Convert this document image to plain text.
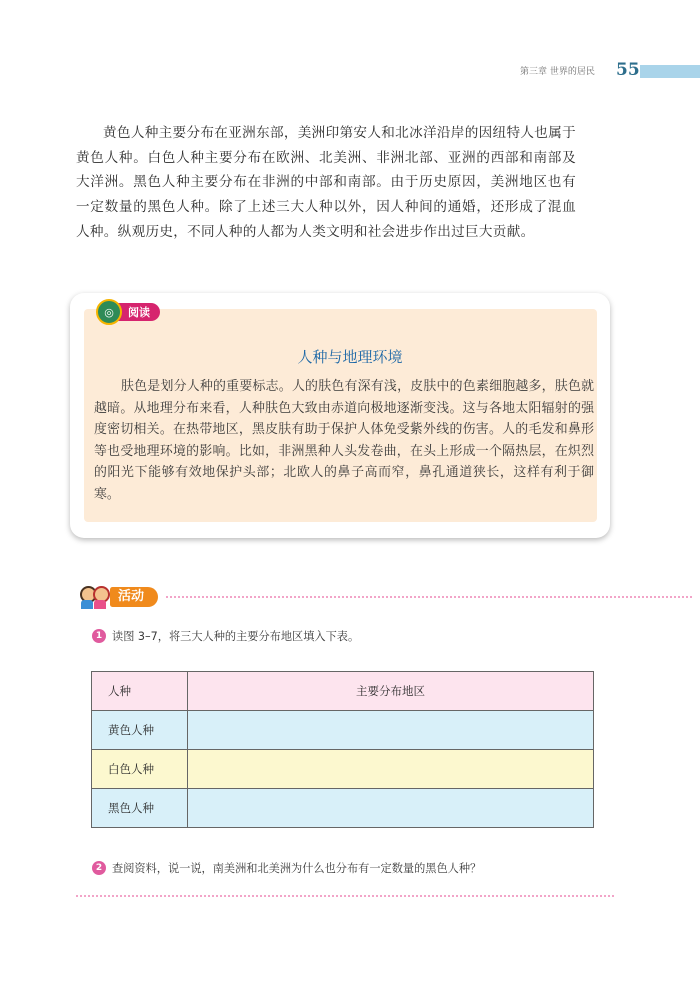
第三章 世界的居民 55

黄色人种主要分布在亚洲东部，美洲印第安人和北冰洋沿岸的因纽特人也属于黄色人种。白色人种主要分布在欧洲、北美洲、非洲北部、亚洲的西部和南部及大洋洲。黑色人种主要分布在非洲的中部和南部。由于历史原因，美洲地区也有一定数量的黑色人种。除了上述三大人种以外，因人种间的通婚，还形成了混血人种。纵观历史，不同人种的人都为人类文明和社会进步作出过巨大贡献。

◎	阅读
人种与地理环境

肤色是划分人种的重要标志。人的肤色有深有浅，皮肤中的色素细胞越多，肤色就越暗。从地理分布来看，人种肤色大致由赤道向极地逐渐变浅。这与各地太阳辐射的强度密切相关。在热带地区，黑皮肤有助于保护人体免受紫外线的伤害。人的毛发和鼻形等也受地理环境的影响。比如，非洲黑种人头发卷曲，在头上形成一个隔热层，在炽烈的阳光下能够有效地保护头部；北欧人的鼻子高而窄，鼻孔通道狭长，这样有利于御寒。

活动
1 读图 3–7，将三大人种的主要分布地区填入下表。
人种	主要分布地区
黄色人种	
白色人种	
黑色人种	
2 查阅资料，说一说，南美洲和北美洲为什么也分布有一定数量的黑色人种？
